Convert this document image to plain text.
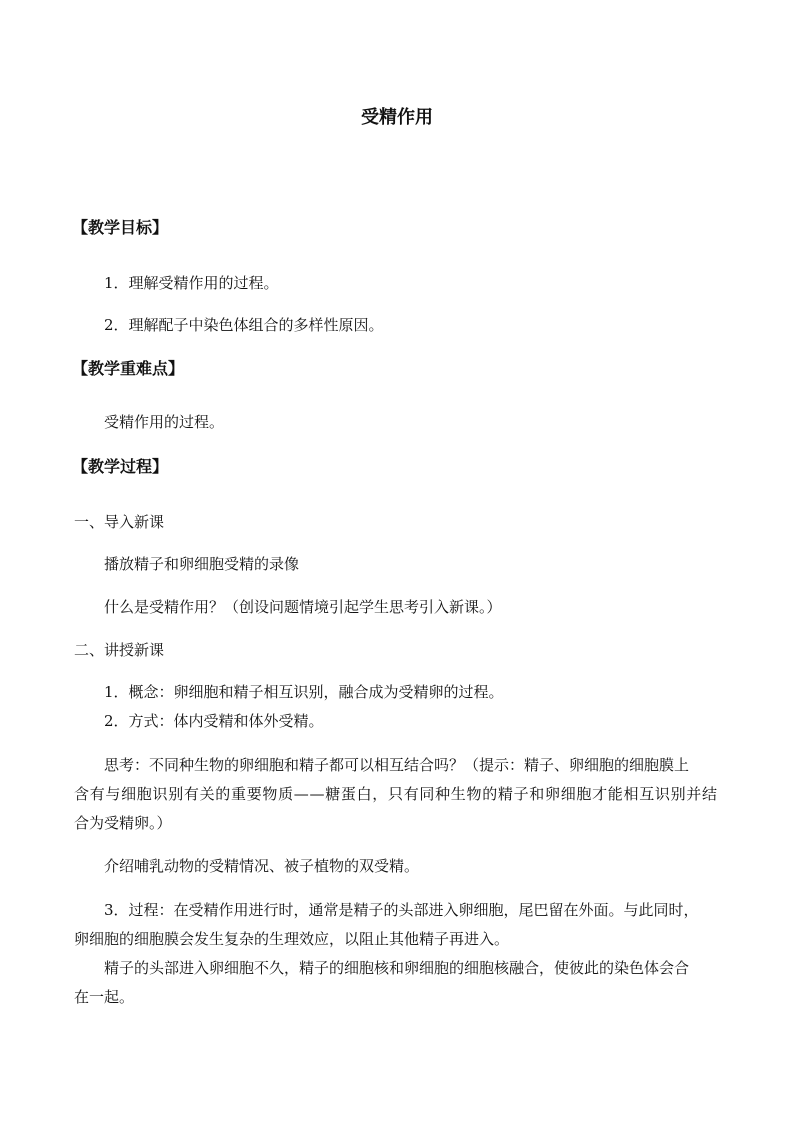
受精作用
【教学目标】
1．理解受精作用的过程。
2．理解配子中染色体组合的多样性原因。
【教学重难点】
受精作用的过程。
【教学过程】
一、导入新课
播放精子和卵细胞受精的录像
什么是受精作用？（创设问题情境引起学生思考引入新课。）
二、讲授新课
1．概念：卵细胞和精子相互识别，融合成为受精卵的过程。
2．方式：体内受精和体外受精。
思考：不同种生物的卵细胞和精子都可以相互结合吗？（提示：精子、卵细胞的细胞膜上
含有与细胞识别有关的重要物质——糖蛋白，只有同种生物的精子和卵细胞才能相互识别并结
合为受精卵。）
介绍哺乳动物的受精情况、被子植物的双受精。
3．过程：在受精作用进行时，通常是精子的头部进入卵细胞，尾巴留在外面。与此同时，
卵细胞的细胞膜会发生复杂的生理效应，以阻止其他精子再进入。
精子的头部进入卵细胞不久，精子的细胞核和卵细胞的细胞核融合，使彼此的染色体会合
在一起。
